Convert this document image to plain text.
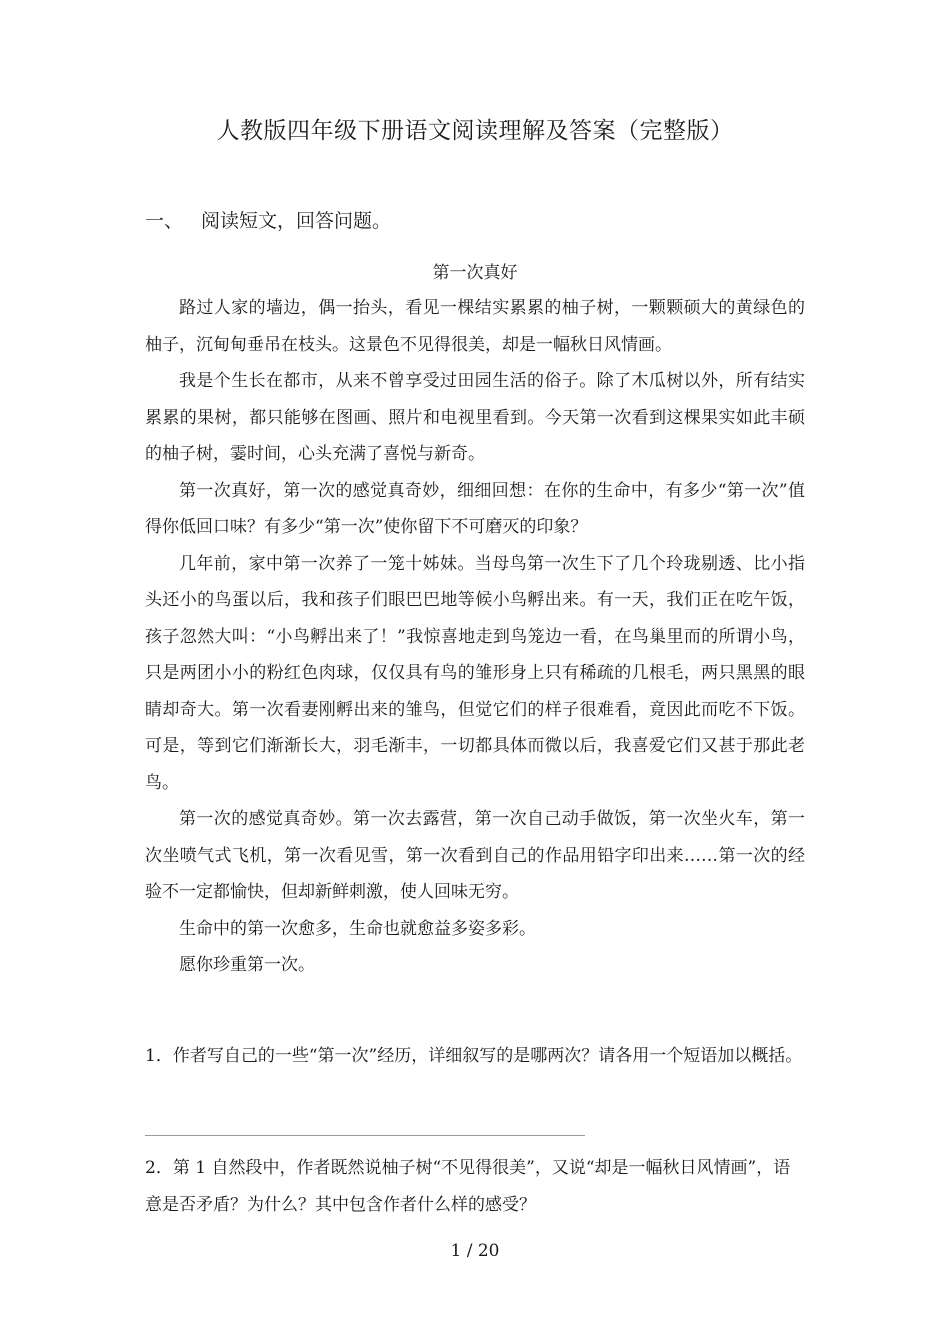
人教版四年级下册语文阅读理解及答案（完整版）
一、 阅读短文，回答问题。
第一次真好

路过人家的墙边，偶一抬头，看见一棵结实累累的柚子树，一颗颗硕大的黄绿色的柚子，沉甸甸垂吊在枝头。这景色不见得很美，却是一幅秋日风情画。

我是个生长在都市，从来不曾享受过田园生活的俗子。除了木瓜树以外，所有结实累累的果树，都只能够在图画、照片和电视里看到。今天第一次看到这棵果实如此丰硕的柚子树，霎时间，心头充满了喜悦与新奇。

第一次真好，第一次的感觉真奇妙，细细回想：在你的生命中，有多少“第一次”值得你低回口味？有多少“第一次”使你留下不可磨灭的印象？

几年前，家中第一次养了一笼十姊妹。当母鸟第一次生下了几个玲珑剔透、比小指头还小的鸟蛋以后，我和孩子们眼巴巴地等候小鸟孵出来。有一天，我们正在吃午饭，孩子忽然大叫：“小鸟孵出来了！”我惊喜地走到鸟笼边一看，在鸟巢里而的所谓小鸟，只是两团小小的粉红色肉球，仅仅具有鸟的雏形身上只有稀疏的几根毛，两只黑黑的眼睛却奇大。第一次看妻刚孵出来的雏鸟，但觉它们的样子很难看，竟因此而吃不下饭。可是，等到它们渐渐长大，羽毛渐丰，一切都具体而微以后，我喜爱它们又甚于那此老鸟。

第一次的感觉真奇妙。第一次去露营，第一次自己动手做饭，第一次坐火车，第一次坐喷气式飞机，第一次看见雪，第一次看到自己的作品用铅字印出来……第一次的经验不一定都愉快，但却新鲜刺激，使人回味无穷。

生命中的第一次愈多，生命也就愈益多姿多彩。

愿你珍重第一次。

1．作者写自己的一些“第一次”经历，详细叙写的是哪两次？请各用一个短语加以概括。

2．第 1 自然段中，作者既然说柚子树“不见得很美”，又说“却是一幅秋日风情画”，语意是否矛盾？为什么？其中包含作者什么样的感受？

1 / 20
